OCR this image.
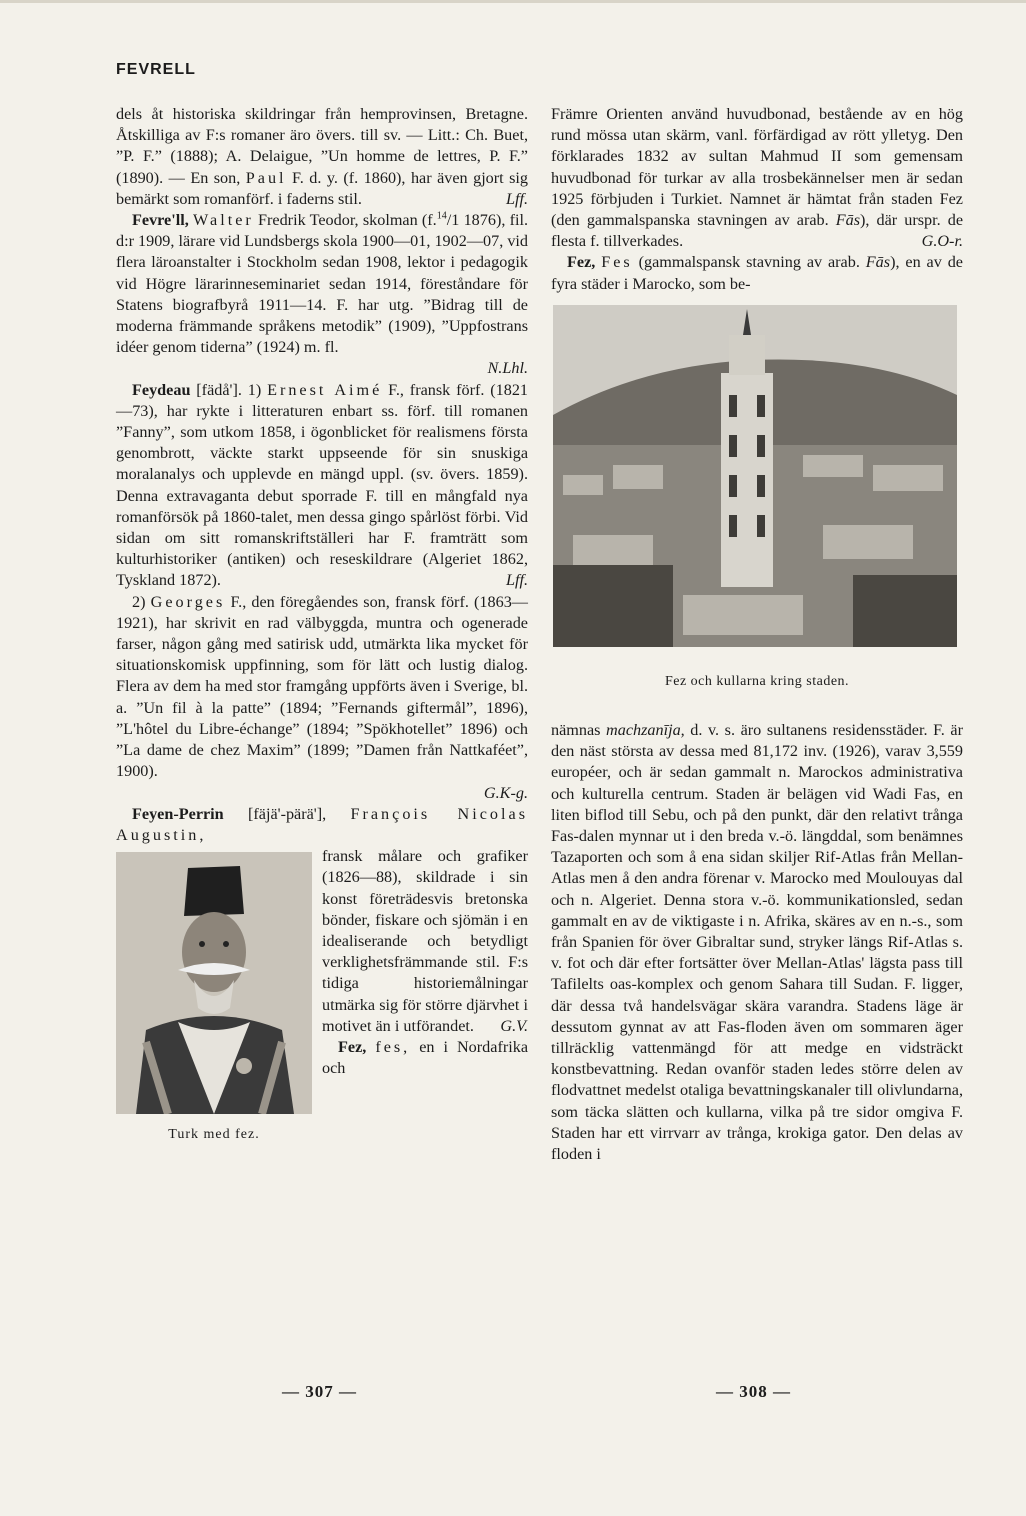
FEVRELL

dels åt historiska skildringar från hemprovinsen, Bretagne. Åtskilliga av F:s romaner äro övers. till sv. — Litt.: Ch. Buet, ”P. F.” (1888); A. Delaigue, ”Un homme de lettres, P. F.” (1890). — En son, Paul F. d. y. (f. 1860), har även gjort sig bemärkt som romanförf. i faderns stil.	Lff.

Fevre'll, Walter Fredrik Teodor, skolman (f.$^{14}$/1 1876), fil. d:r 1909, lärare vid Lundsbergs skola 1900—01, 1902—07, vid flera läroanstalter i Stockholm sedan 1908, lektor i pedagogik vid Högre lärarinneseminariet sedan 1914, föreståndare för Statens biografbyrå 1911—14. F. har utg. ”Bidrag till de moderna främmande språkens metodik” (1909), ”Uppfostrans idéer genom tiderna” (1924) m. fl.
N.Lhl.

Feydeau [fädå']. 1) Ernest Aimé F., fransk förf. (1821—73), har rykte i litteraturen enbart ss. förf. till romanen ”Fanny”, som utkom 1858, i ögonblicket för realismens första genombrott, väckte starkt uppseende för sin snuskiga moralanalys och upplevde en mängd uppl. (sv. övers. 1859). Denna extravaganta debut sporrade F. till en mångfald nya romanförsök på 1860-talet, men dessa gingo spårlöst förbi. Vid sidan om sitt romanskriftställeri har F. framträtt som kulturhistoriker (antiken) och reseskildrare (Algeriet 1862, Tyskland 1872).	Lff.

2) Georges F., den föregåendes son, fransk förf. (1863—1921), har skrivit en rad välbyggda, muntra och ogenerade farser, någon gång med satirisk udd, utmärkta lika mycket för situationskomisk uppfinning, som för lätt och lustig dialog. Flera av dem ha med stor framgång uppförts även i Sverige, bl. a. ”Un fil à la patte” (1894; ”Fernands giftermål”, 1896), ”L'hôtel du Libre-échange” (1894; ”Spökhotellet” 1896) och ”La dame de chez Maxim” (1899; ”Damen från Nattkaféet”, 1900).
G.K-g.

Feyen-Perrin [fäjä'-pärä'], François Nicolas Augustin,

Turk med fez.

fransk målare och grafiker (1826—88), skildrade i sin konst företrädesvis bretonska bönder, fiskare och sjömän i en idealiserande och betydligt verklighetsfrämmande stil. F:s tidiga historiemålningar utmärka sig för större djärvhet i motivet än i utförandet. G.V.

Fez, fes, en i Nordafrika och

Främre Orienten använd huvudbonad, bestående av en hög rund mössa utan skärm, vanl. förfärdigad av rött ylletyg. Den förklarades 1832 av sultan Mahmud II som gemensam huvudbonad för turkar av alla trosbekännelser men är sedan 1925 förbjuden i Turkiet. Namnet är hämtat från staden Fez (den gammalspanska stavningen av arab. Fās), där urspr. de flesta f. tillverkades.	G.O-r.

Fez, Fes (gammalspansk stavning av arab. Fās), en av de fyra städer i Marocko, som be-

Fez och kullarna kring staden.

nämnas machzanīja, d. v. s. äro sultanens residensstäder. F. är den näst största av dessa med 81,172 inv. (1926), varav 3,559 européer, och är sedan gammalt n. Marockos administrativa och kulturella centrum. Staden är belägen vid Wadi Fas, en liten biflod till Sebu, och på den punkt, där den relativt trånga Fas-dalen mynnar ut i den breda v.-ö. längddal, som benämnes Tazaporten och som å ena sidan skiljer Rif-Atlas från Mellan-Atlas men å den andra förenar v. Marocko med Moulouyas dal och n. Algeriet. Denna stora v.-ö. kommunikationsled, sedan gammalt en av de viktigaste i n. Afrika, skäres av en n.-s., som från Spanien för över Gibraltar sund, stryker längs Rif-Atlas s. v. fot och där efter fortsätter över Mellan-Atlas' lägsta pass till Tafilelts oas-komplex och genom Sahara till Sudan. F. ligger, där dessa två handelsvägar skära varandra. Stadens läge är dessutom gynnat av att Fas-floden även om sommaren äger tillräcklig vattenmängd för att medge en vidsträckt konstbevattning. Redan ovanför staden ledes större delen av flodvattnet medelst otaliga bevattningskanaler till olivlundarna, som täcka slätten och kullarna, vilka på tre sidor omgiva F. Staden har ett virrvarr av trånga, krokiga gator. Den delas av floden i

— 307 —	— 308 —
